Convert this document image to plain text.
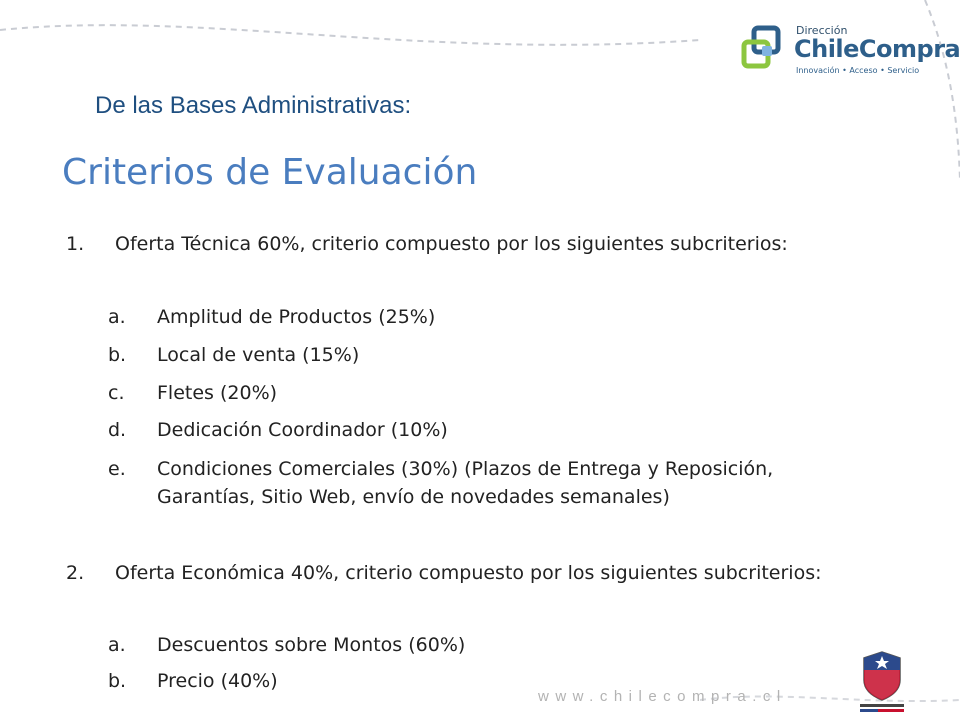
Dirección
ChileCompra
Innovación • Acceso • Servicio
De las Bases Administrativas:
Criterios de Evaluación
1. Oferta Técnica 60%, criterio compuesto por los siguientes subcriterios:
a. Amplitud de Productos (25%)
b. Local de venta (15%)
c. Fletes (20%)
d. Dedicación Coordinador (10%)
e. Condiciones Comerciales (30%) (Plazos de Entrega y Reposición, Garantías, Sitio Web, envío de novedades semanales)
2. Oferta Económica 40%, criterio compuesto por los siguientes subcriterios:
a. Descuentos sobre Montos (60%)
b. Precio (40%)
www.chilecompra.cl
